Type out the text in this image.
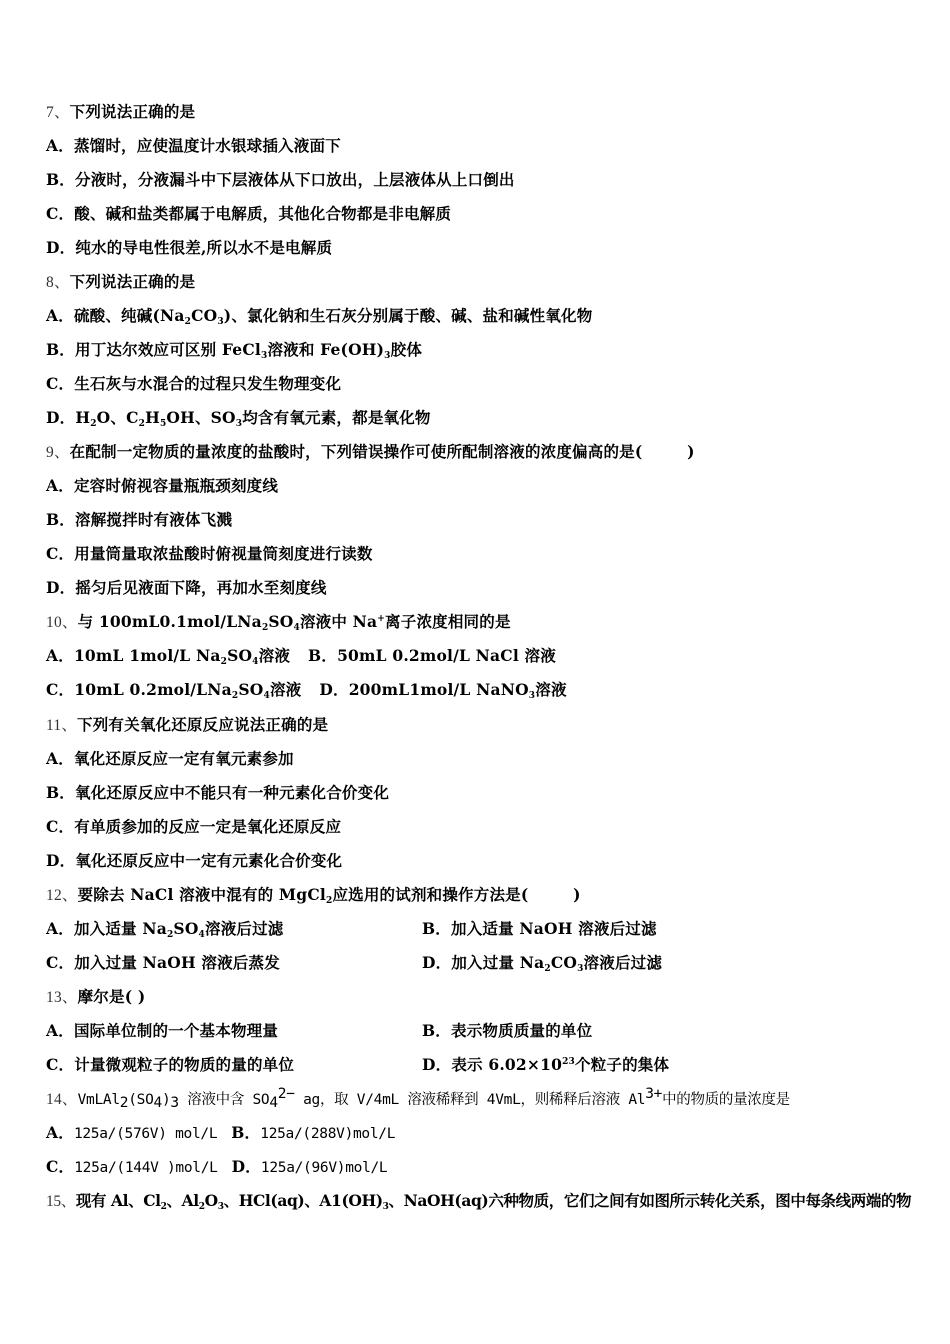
7、下列说法正确的是
A．蒸馏时，应使温度计水银球插入液面下
B．分液时，分液漏斗中下层液体从下口放出，上层液体从上口倒出
C．酸、碱和盐类都属于电解质，其他化合物都是非电解质
D．纯水的导电性很差,所以水不是电解质
8、下列说法正确的是
A．硫酸、纯碱$(Na_2CO_3)$、氯化钠和生石灰分别属于酸、碱、盐和碱性氧化物
B．用丁达尔效应可区别 FeCl$_3$溶液和 $Fe(OH)_3$胶体
C．生石灰与水混合的过程只发生物理变化
D．$H_2O$、$C_2H_5OH$、$SO_3$均含有氧元素，都是氧化物
9、在配制一定物质的量浓度的盐酸时，下列错误操作可使所配制溶液的浓度偏高的是(        )
A．定容时俯视容量瓶瓶颈刻度线
B．溶解搅拌时有液体飞溅
C．用量筒量取浓盐酸时俯视量筒刻度进行读数
D．摇匀后见液面下降，再加水至刻度线
10、与 $100mL0.1mol/LNa_2SO_4$溶液中 Na+离子浓度相同的是
A．10mL 1mol/L $Na_2SO_4$溶液 B．50mL 0.2mol/L NaCl 溶液
C．10mL $0.2mol/LNa_2SO_4$溶液 D．200mL1mol/L NaNO$_3$溶液
11、下列有关氧化还原反应说法正确的是
A．氧化还原反应一定有氧元素参加
B．氧化还原反应中不能只有一种元素化合价变化
C．有单质参加的反应一定是氧化还原反应
D．氧化还原反应中一定有元素化合价变化
12、要除去 NaCl 溶液中混有的 MgCl$_2$应选用的试剂和操作方法是(        )
A．加入适量 $Na_2SO_4$溶液后过滤	B．加入适量 NaOH 溶液后过滤
C．加入过量 NaOH 溶液后蒸发	D．加入过量 $Na_2CO_3$溶液后过滤
13、摩尔是( )
A．国际单位制的一个基本物理量	B．表示物质质量的单位
C．计量微观粒子的物质的量的单位	D．表示 $6.02\times 10^{23}$个粒子的集体
14、$VmLAl_2(SO_4)_3$ 溶液中含 $SO_4^{2-}$ ag，取 V/4mL 溶液稀释到 4VmL，则稀释后溶液 $Al^{3+}$中的物质的量浓度是
A．125a/(576V) mol/L B．125a/(288V)mol/L
C．125a/(144V )mol/L D．125a/(96V)mol/L
15、现有 Al、$Cl_2$、$Al_2O_3$、HCl(aq)、$A1(OH)_3$、NaOH(aq)六种物质，它们之间有如图所示转化关系，图中每条线两端的物
